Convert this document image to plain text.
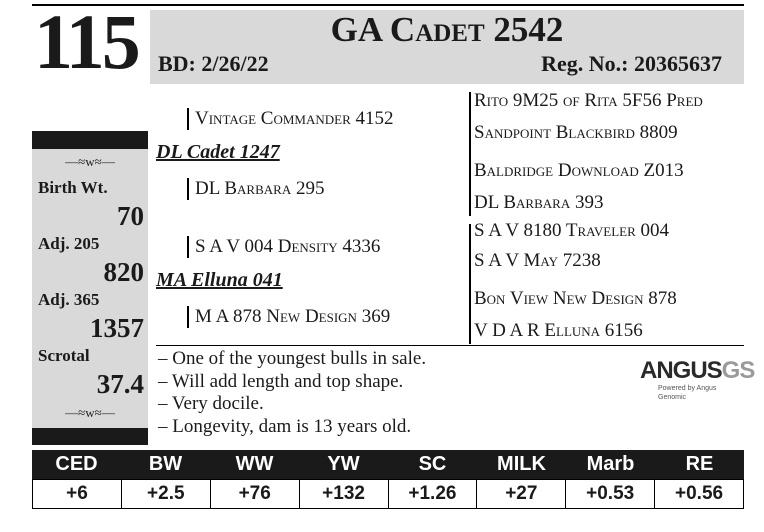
115	GA Cadet 2542
BD: 2/26/22	Reg. No.: 20365637
—≈w≈—
Birth Wt.
70
Adj. 205
820
Adj. 365
1357
Scrotal
37.4
—≈w≈—
Vintage Commander 4152
DL Cadet 1247
DL Barbara 295
S A V 004 Density 4336
MA Elluna 041
M A 878 New Design 369
Rito 9M25 of Rita 5F56 Pred
Sandpoint Blackbird 8809
Baldridge Download Z013
DL Barbara 393
S A V 8180 Traveler 004
S A V May 7238
Bon View New Design 878
V D A R Elluna 6156
– One of the youngest bulls in sale.
– Will add length and top shape.
– Very docile.
– Longevity, dam is 13 years old.
ANGUSGS
Powered by Angus Genomic
CED	BW	WW	YW	SC	MILK	Marb	RE
+6	+2.5	+76	+132	+1.26	+27	+0.53	+0.56
